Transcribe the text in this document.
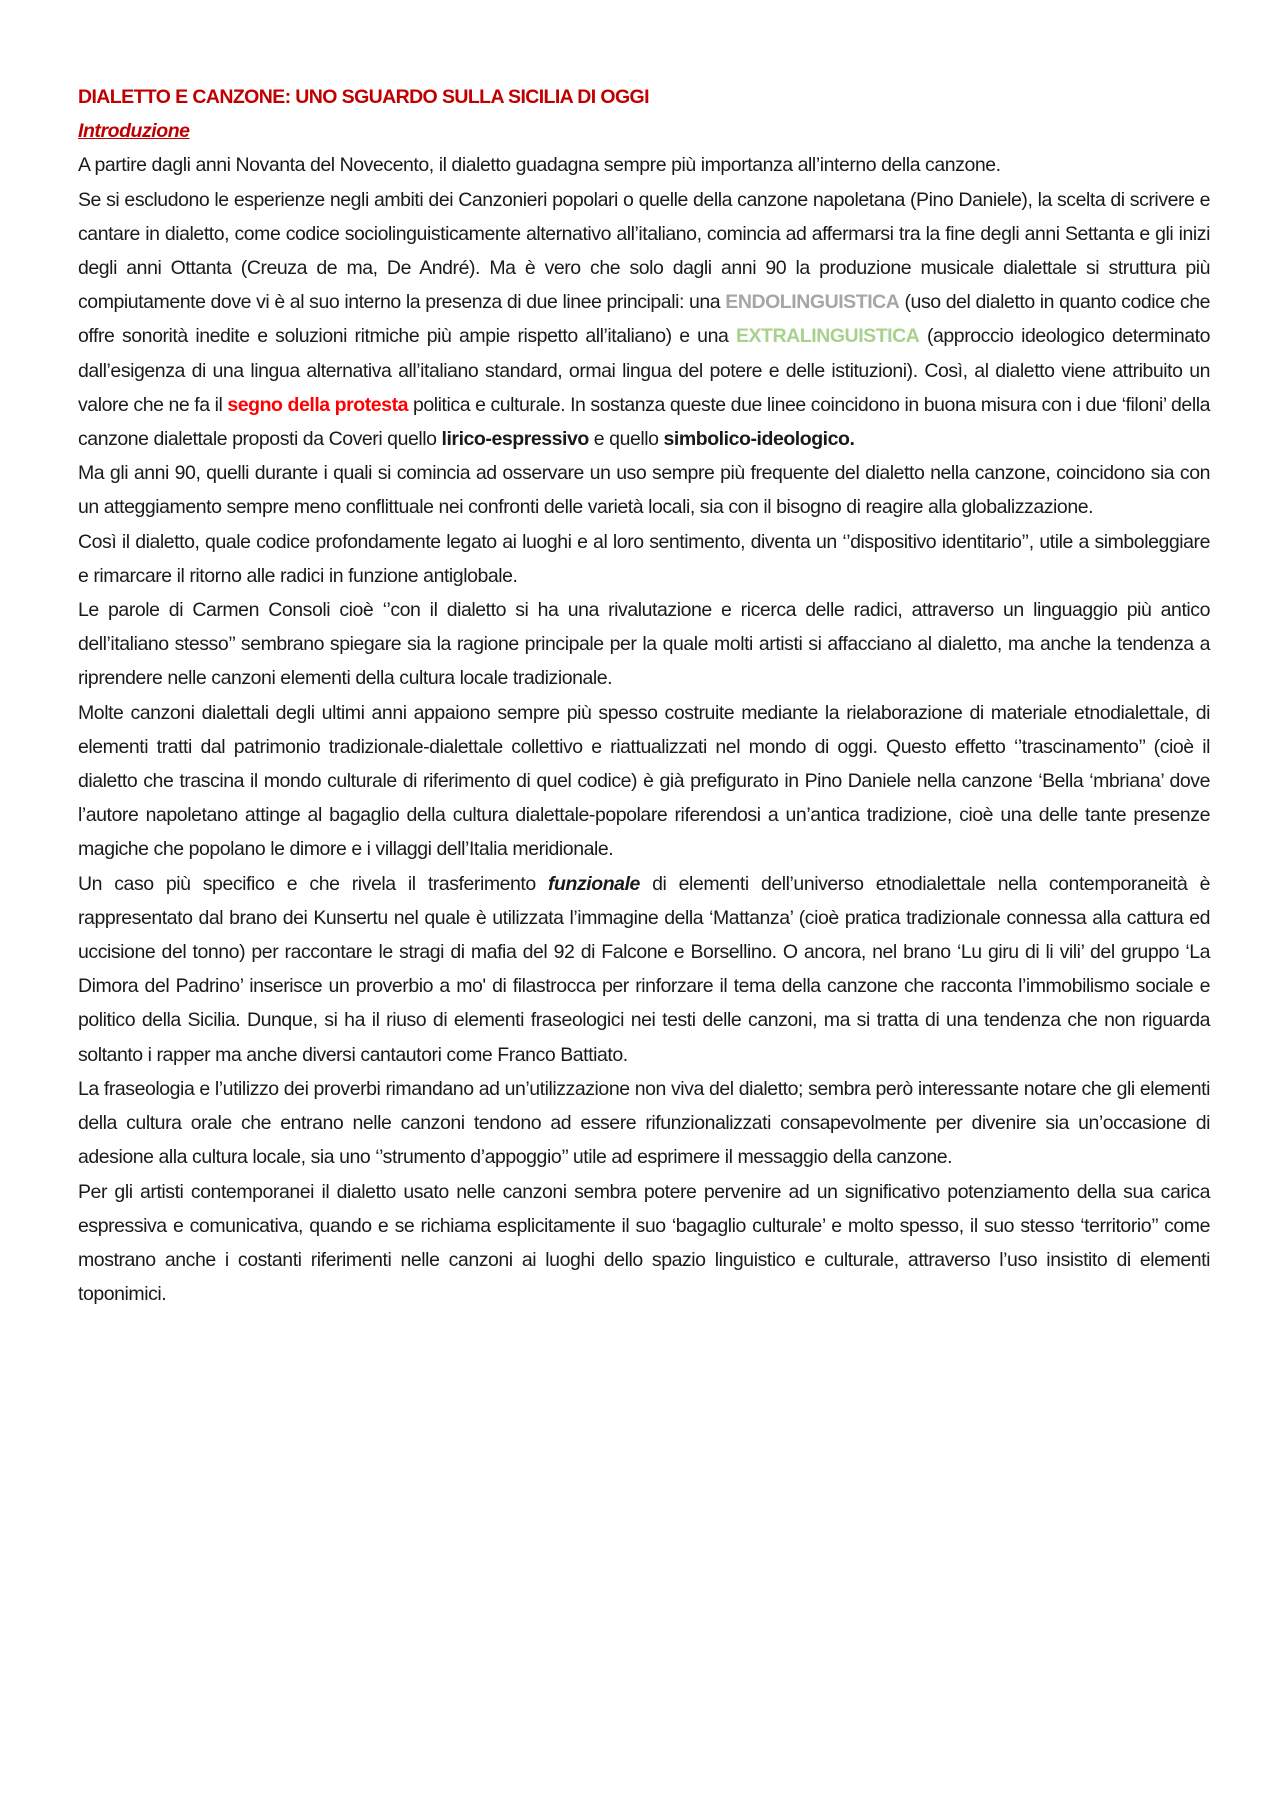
DIALETTO E CANZONE: UNO SGUARDO SULLA SICILIA DI OGGI

Introduzione

A partire dagli anni Novanta del Novecento, il dialetto guadagna sempre più importanza all’interno della canzone.

Se si escludono le esperienze negli ambiti dei Canzonieri popolari o quelle della canzone napoletana (Pino Daniele), la scelta di scrivere e cantare in dialetto, come codice sociolinguisticamente alternativo all’italiano, comincia ad affermarsi tra la fine degli anni Settanta e gli inizi degli anni Ottanta (Creuza de ma, De André). Ma è vero che solo dagli anni 90 la produzione musicale dialettale si struttura più compiutamente dove vi è al suo interno la presenza di due linee principali: una ENDOLINGUISTICA (uso del dialetto in quanto codice che offre sonorità inedite e soluzioni ritmiche più ampie rispetto all’italiano) e una EXTRALINGUISTICA (approccio ideologico determinato dall’esigenza di una lingua alternativa all’italiano standard, ormai lingua del potere e delle istituzioni). Così, al dialetto viene attribuito un valore che ne fa il segno della protesta politica e culturale. In sostanza queste due linee coincidono in buona misura con i due ‘filoni’ della canzone dialettale proposti da Coveri quello lirico-espressivo e quello simbolico-ideologico.

Ma gli anni 90, quelli durante i quali si comincia ad osservare un uso sempre più frequente del dialetto nella canzone, coincidono sia con un atteggiamento sempre meno conflittuale nei confronti delle varietà locali, sia con il bisogno di reagire alla globalizzazione.

Così il dialetto, quale codice profondamente legato ai luoghi e al loro sentimento, diventa un ‘’dispositivo identitario’’, utile a simboleggiare e rimarcare il ritorno alle radici in funzione antiglobale.

Le parole di Carmen Consoli cioè ‘’con il dialetto si ha una rivalutazione e ricerca delle radici, attraverso un linguaggio più antico dell’italiano stesso’’ sembrano spiegare sia la ragione principale per la quale molti artisti si affacciano al dialetto, ma anche la tendenza a riprendere nelle canzoni elementi della cultura locale tradizionale.

Molte canzoni dialettali degli ultimi anni appaiono sempre più spesso costruite mediante la rielaborazione di materiale etnodialettale, di elementi tratti dal patrimonio tradizionale-dialettale collettivo e riattualizzati nel mondo di oggi. Questo effetto ‘’trascinamento’’ (cioè il dialetto che trascina il mondo culturale di riferimento di quel codice) è già prefigurato in Pino Daniele nella canzone ‘Bella ‘mbriana’ dove l’autore napoletano attinge al bagaglio della cultura dialettale-popolare riferendosi a un’antica tradizione, cioè una delle tante presenze magiche che popolano le dimore e i villaggi dell’Italia meridionale.

Un caso più specifico e che rivela il trasferimento funzionale di elementi dell’universo etnodialettale nella contemporaneità è rappresentato dal brano dei Kunsertu nel quale è utilizzata l’immagine della ‘Mattanza’ (cioè pratica tradizionale connessa alla cattura ed uccisione del tonno) per raccontare le stragi di mafia del 92 di Falcone e Borsellino. O ancora, nel brano ‘Lu giru di li vili’ del gruppo ‘La Dimora del Padrino’ inserisce un proverbio a mo' di filastrocca per rinforzare il tema della canzone che racconta l’immobilismo sociale e politico della Sicilia. Dunque, si ha il riuso di elementi fraseologici nei testi delle canzoni, ma si tratta di una tendenza che non riguarda soltanto i rapper ma anche diversi cantautori come Franco Battiato.

La fraseologia e l’utilizzo dei proverbi rimandano ad un’utilizzazione non viva del dialetto; sembra però interessante notare che gli elementi della cultura orale che entrano nelle canzoni tendono ad essere rifunzionalizzati consapevolmente per divenire sia un’occasione di adesione alla cultura locale, sia uno ‘’strumento d’appoggio’’ utile ad esprimere il messaggio della canzone.

Per gli artisti contemporanei il dialetto usato nelle canzoni sembra potere pervenire ad un significativo potenziamento della sua carica espressiva e comunicativa, quando e se richiama esplicitamente il suo ‘bagaglio culturale’ e molto spesso, il suo stesso ‘territorio’’ come mostrano anche i costanti riferimenti nelle canzoni ai luoghi dello spazio linguistico e culturale, attraverso l’uso insistito di elementi toponimici.
